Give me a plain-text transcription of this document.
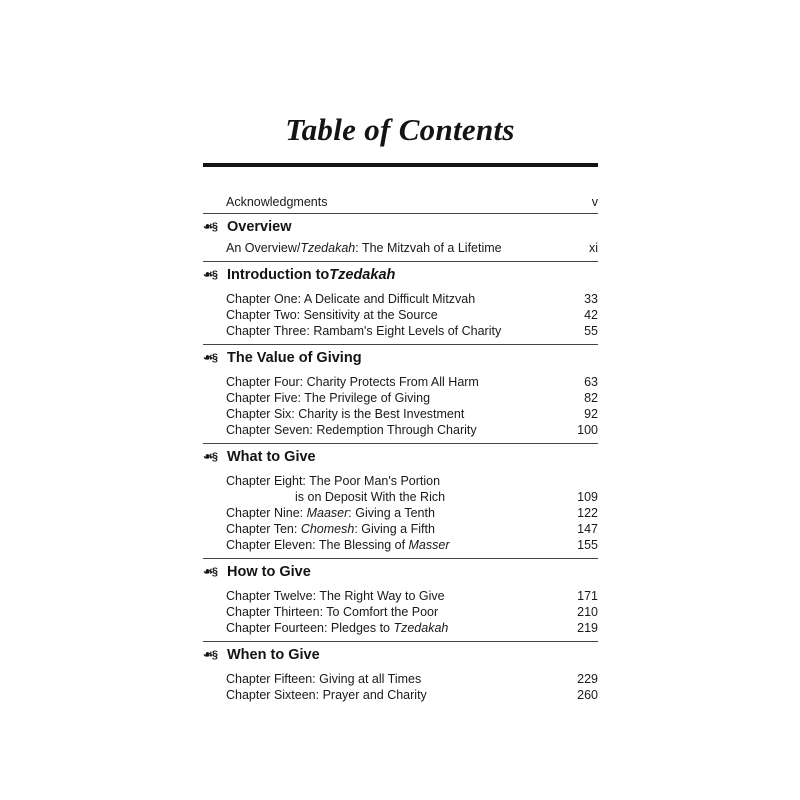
Table of Contents
Acknowledgments	v
☙§ Overview
An Overview/Tzedakah: The Mitzvah of a Lifetime	xi
☙§ Introduction to Tzedakah
Chapter One: A Delicate and Difficult Mitzvah	33
Chapter Two: Sensitivity at the Source	42
Chapter Three: Rambam's Eight Levels of Charity	55
☙§ The Value of Giving
Chapter Four: Charity Protects From All Harm	63
Chapter Five: The Privilege of Giving	82
Chapter Six: Charity is the Best Investment	92
Chapter Seven: Redemption Through Charity	100
☙§ What to Give
Chapter Eight: The Poor Man's Portion
is on Deposit With the Rich	109
Chapter Nine: Maaser: Giving a Tenth	122
Chapter Ten: Chomesh: Giving a Fifth	147
Chapter Eleven: The Blessing of Masser	155
☙§ How to Give
Chapter Twelve: The Right Way to Give	171
Chapter Thirteen: To Comfort the Poor	210
Chapter Fourteen: Pledges to Tzedakah	219
☙§ When to Give
Chapter Fifteen: Giving at all Times	229
Chapter Sixteen: Prayer and Charity	260
